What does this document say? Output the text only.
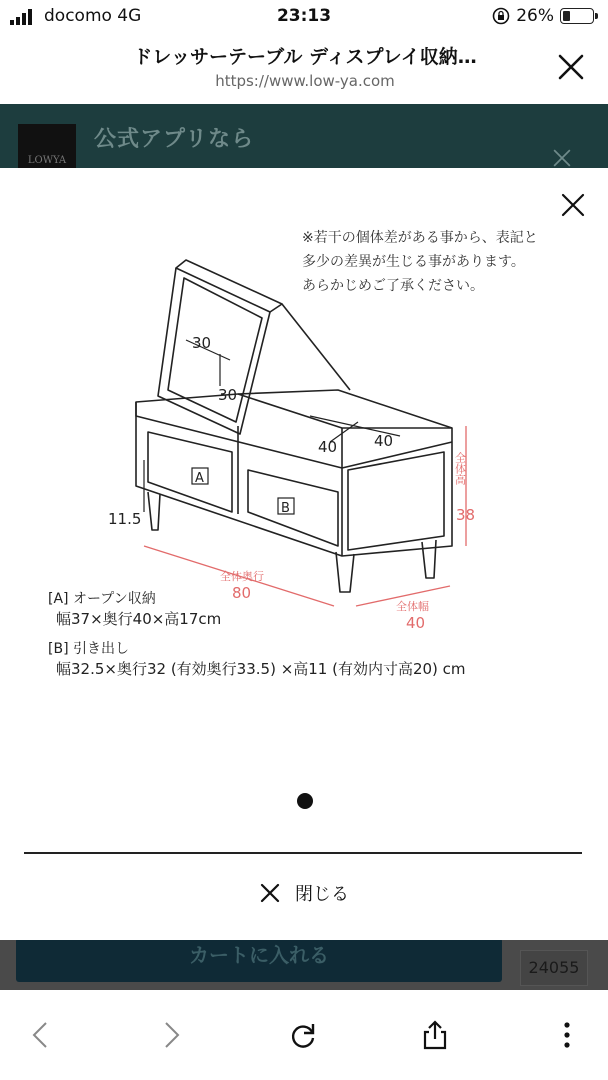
docomo 4G	23:13	26%
ドレッサーテーブル ディスプレイ収納…
https://www.low-ya.com
LOWYA
公式アプリなら
カートに入れる
24055
※若干の個体差がある事から、表記と
多少の差異が生じる事があります。
あらかじめご了承ください。
30
30
40 40
11.5
A
B
全体高
全体奥行
全体幅
38
80
40
[A] オープン収納
幅37×奥行40×高17cm
[B] 引き出し
幅32.5×奥行32 (有効奥行33.5) ×高11 (有効内寸高20) cm
閉じる
